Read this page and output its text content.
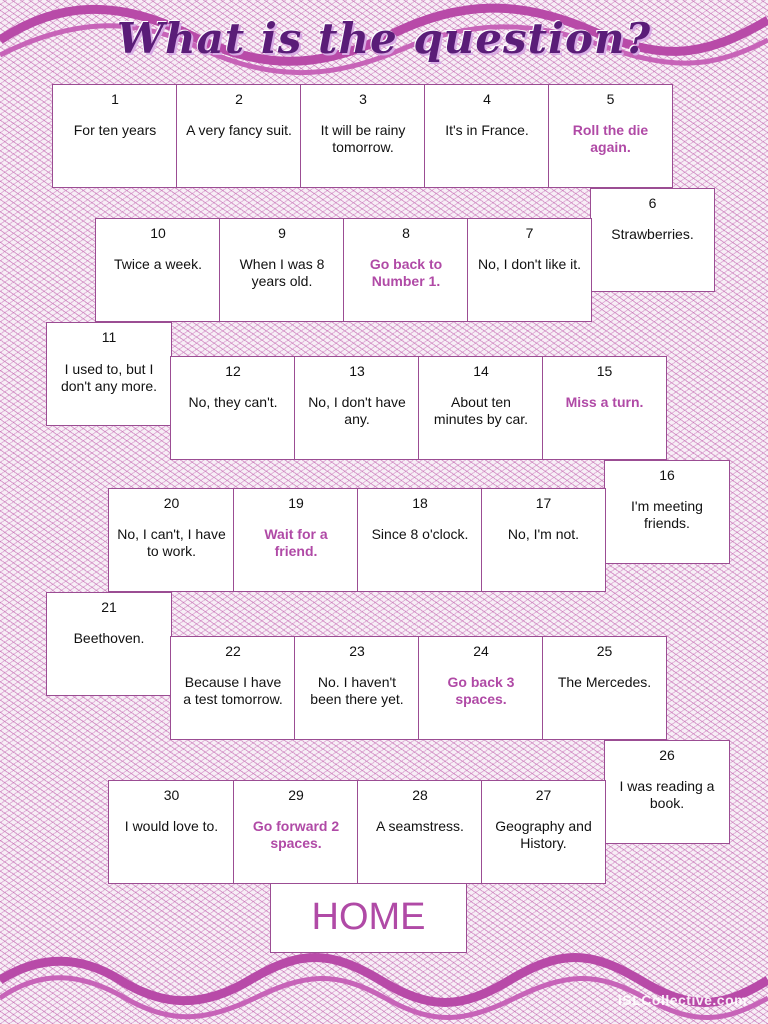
What is the question?
1
For ten years
2
A very fancy suit.
3
It will be rainy tomorrow.
4
It's in France.
5
Roll the die again.
6
Strawberries.
10
Twice a week.
9
When I was 8 years old.
8
Go back to Number 1.
7
No, I don't like it.
11
I used to, but I don't any more.
12
No, they can't.
13
No, I don't have any.
14
About ten minutes by car.
15
Miss a turn.
16
I'm meeting friends.
20
No, I can't, I have to work.
19
Wait for a friend.
18
Since 8 o'clock.
17
No, I'm not.
21
Beethoven.
22
Because I have a test tomorrow.
23
No. I haven't been there yet.
24
Go back 3 spaces.
25
The Mercedes.
26
I was reading a book.
30
I would love to.
29
Go forward 2 spaces.
28
A seamstress.
27
Geography and History.
HOME
iSLCollective.com
